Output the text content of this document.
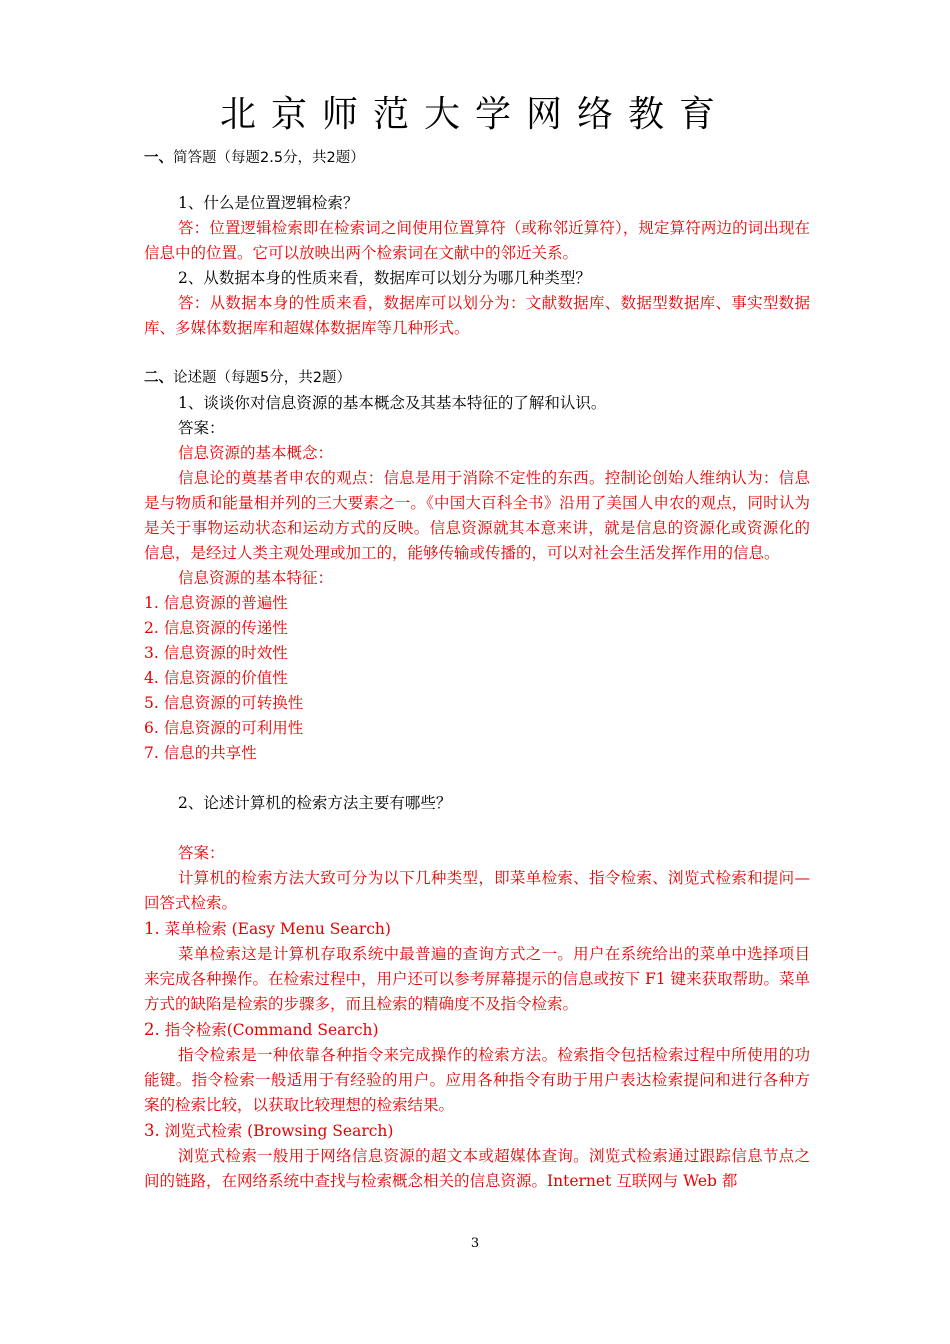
北京师范大学网络教育

一、简答题（每题2.5分，共2题）

1、什么是位置逻辑检索？

答：位置逻辑检索即在检索词之间使用位置算符（或称邻近算符），规定算符两边的词出现在信息中的位置。它可以放映出两个检索词在文献中的邻近关系。

2、从数据本身的性质来看，数据库可以划分为哪几种类型？

答：从数据本身的性质来看，数据库可以划分为：文献数据库、数据型数据库、事实型数据库、多媒体数据库和超媒体数据库等几种形式。

二、论述题（每题5分，共2题）

1、谈谈你对信息资源的基本概念及其基本特征的了解和认识。

答案：

信息资源的基本概念：

信息论的奠基者申农的观点：信息是用于消除不定性的东西。控制论创始人维纳认为：信息是与物质和能量相并列的三大要素之一。《中国大百科全书》沿用了美国人申农的观点，同时认为是关于事物运动状态和运动方式的反映。信息资源就其本意来讲，就是信息的资源化或资源化的信息，是经过人类主观处理或加工的，能够传输或传播的，可以对社会生活发挥作用的信息。

信息资源的基本特征：

1. 信息资源的普遍性

2. 信息资源的传递性

3. 信息资源的时效性

4. 信息资源的价值性

5. 信息资源的可转换性

6. 信息资源的可利用性

7. 信息的共享性

2、论述计算机的检索方法主要有哪些？

答案：

计算机的检索方法大致可分为以下几种类型，即菜单检索、指令检索、浏览式检索和提问—回答式检索。

1. 菜单检索 (Easy Menu Search)

菜单检索这是计算机存取系统中最普遍的查询方式之一。用户在系统给出的菜单中选择项目来完成各种操作。在检索过程中，用户还可以参考屏幕提示的信息或按下 F1 键来获取帮助。菜单方式的缺陷是检索的步骤多，而且检索的精确度不及指令检索。

2. 指令检索(Command Search)

指令检索是一种依靠各种指令来完成操作的检索方法。检索指令包括检索过程中所使用的功能键。指令检索一般适用于有经验的用户。应用各种指令有助于用户表达检索提问和进行各种方案的检索比较，以获取比较理想的检索结果。

3. 浏览式检索 (Browsing Search)

浏览式检索一般用于网络信息资源的超文本或超媒体查询。浏览式检索通过跟踪信息节点之间的链路，在网络系统中查找与检索概念相关的信息资源。Internet 互联网与 Web 都

3
